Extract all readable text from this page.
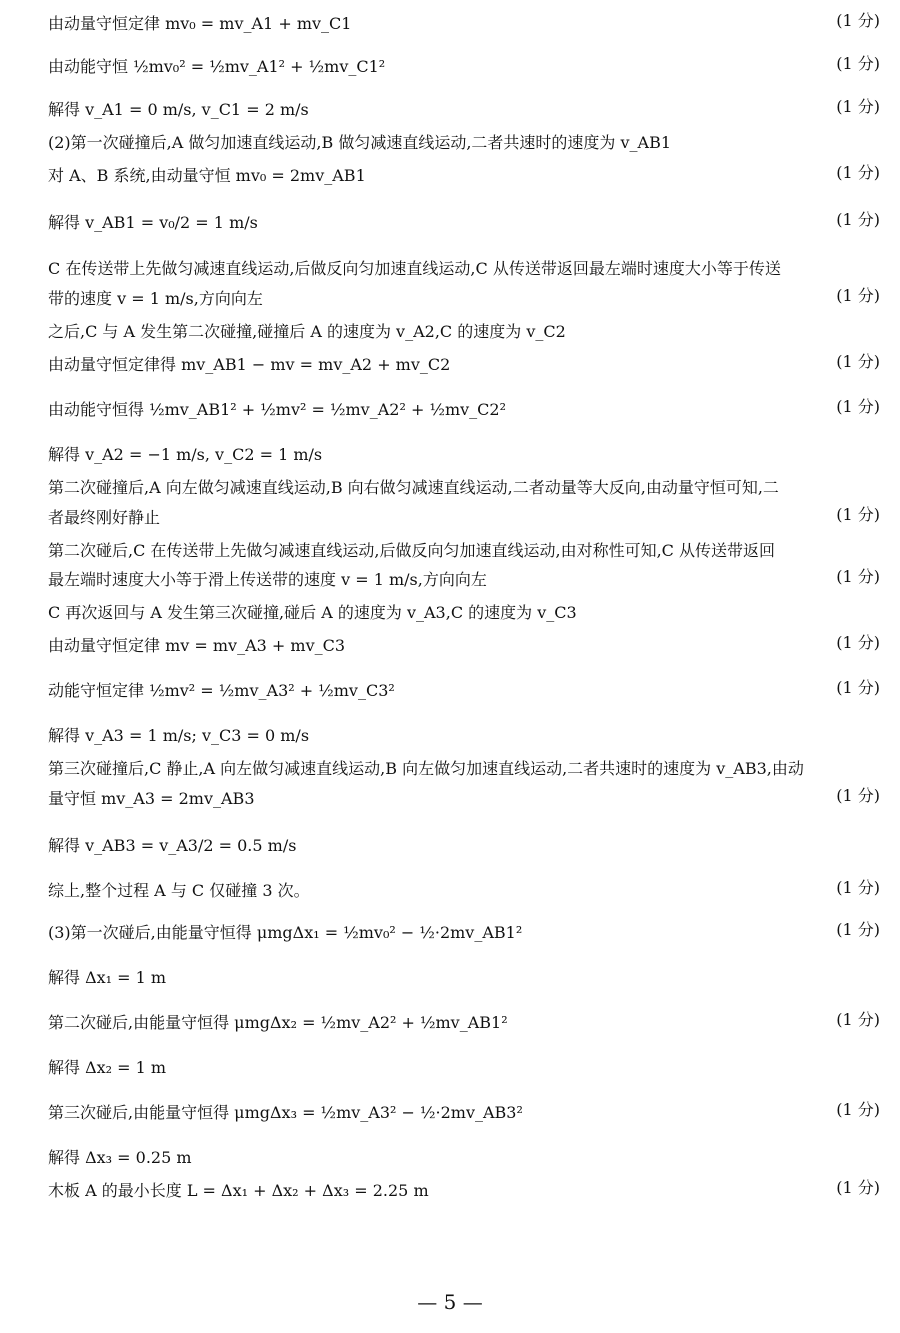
由动量守恒定律 mv₀ = mv_A1 + mv_C1	(1 分)
由动能守恒 ½mv₀² = ½mv_A1² + ½mv_C1²	(1 分)
解得 v_A1 = 0 m/s, v_C1 = 2 m/s	(1 分)
(2)第一次碰撞后,A 做匀加速直线运动,B 做匀减速直线运动,二者共速时的速度为 v_AB1
对 A、B 系统,由动量守恒 mv₀ = 2mv_AB1	(1 分)
解得 v_AB1 = v₀/2 = 1 m/s	(1 分)
C 在传送带上先做匀减速直线运动,后做反向匀加速直线运动,C 从传送带返回最左端时速度大小等于传送
带的速度 v = 1 m/s,方向向左	(1 分)
之后,C 与 A 发生第二次碰撞,碰撞后 A 的速度为 v_A2,C 的速度为 v_C2
由动量守恒定律得 mv_AB1 − mv = mv_A2 + mv_C2	(1 分)
由动能守恒得 ½mv_AB1² + ½mv² = ½mv_A2² + ½mv_C2²	(1 分)
解得 v_A2 = −1 m/s, v_C2 = 1 m/s
第二次碰撞后,A 向左做匀减速直线运动,B 向右做匀减速直线运动,二者动量等大反向,由动量守恒可知,二
者最终刚好静止	(1 分)
第二次碰后,C 在传送带上先做匀减速直线运动,后做反向匀加速直线运动,由对称性可知,C 从传送带返回
最左端时速度大小等于滑上传送带的速度 v = 1 m/s,方向向左	(1 分)
C 再次返回与 A 发生第三次碰撞,碰后 A 的速度为 v_A3,C 的速度为 v_C3
由动量守恒定律 mv = mv_A3 + mv_C3	(1 分)
动能守恒定律 ½mv² = ½mv_A3² + ½mv_C3²	(1 分)
解得 v_A3 = 1 m/s; v_C3 = 0 m/s
第三次碰撞后,C 静止,A 向左做匀减速直线运动,B 向左做匀加速直线运动,二者共速时的速度为 v_AB3,由动
量守恒 mv_A3 = 2mv_AB3	(1 分)
解得 v_AB3 = v_A3/2 = 0.5 m/s
综上,整个过程 A 与 C 仅碰撞 3 次。	(1 分)
(3)第一次碰后,由能量守恒得 μmgΔx₁ = ½mv₀² − ½·2mv_AB1²	(1 分)
解得 Δx₁ = 1 m
第二次碰后,由能量守恒得 μmgΔx₂ = ½mv_A2² + ½mv_AB1²	(1 分)
解得 Δx₂ = 1 m
第三次碰后,由能量守恒得 μmgΔx₃ = ½mv_A3² − ½·2mv_AB3²	(1 分)
解得 Δx₃ = 0.25 m
木板 A 的最小长度 L = Δx₁ + Δx₂ + Δx₃ = 2.25 m	(1 分)
— 5 —
